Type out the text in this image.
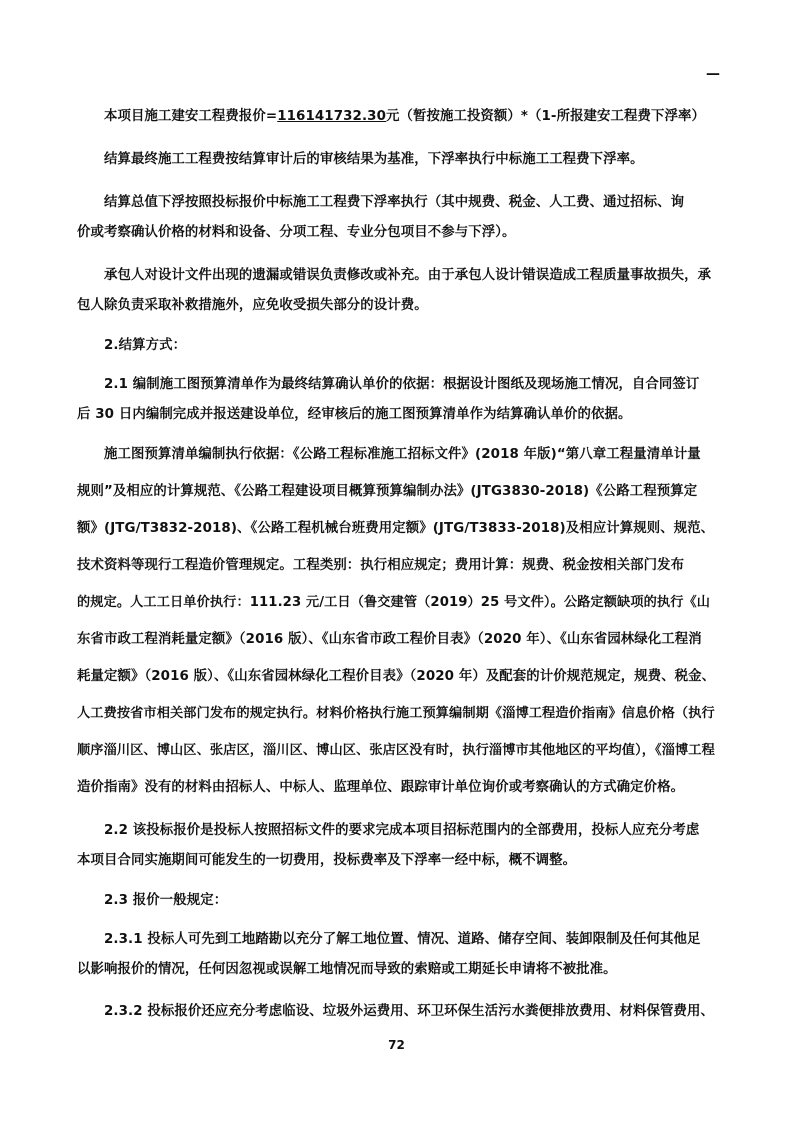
—
本项目施工建安工程费报价=116141732.30元（暂按施工投资额）*（1-所报建安工程费下浮率）
结算最终施工工程费按结算审计后的审核结果为基准，下浮率执行中标施工工程费下浮率。
结算总值下浮按照投标报价中标施工工程费下浮率执行（其中规费、税金、人工费、通过招标、询
价或考察确认价格的材料和设备、分项工程、专业分包项目不参与下浮）。
承包人对设计文件出现的遗漏或错误负责修改或补充。由于承包人设计错误造成工程质量事故损失，承
包人除负责采取补救措施外，应免收受损失部分的设计费。
2.结算方式：
2.1 编制施工图预算清单作为最终结算确认单价的依据：根据设计图纸及现场施工情况，自合同签订
后 30 日内编制完成并报送建设单位，经审核后的施工图预算清单作为结算确认单价的依据。
施工图预算清单编制执行依据：《公路工程标准施工招标文件》(2018 年版)“第八章工程量清单计量
规则”及相应的计算规范、《公路工程建设项目概算预算编制办法》(JTG3830-2018)《公路工程预算定
额》(JTG/T3832-2018)、《公路工程机械台班费用定额》(JTG/T3833-2018)及相应计算规则、规范、
技术资料等现行工程造价管理规定。工程类别：执行相应规定；费用计算：规费、税金按相关部门发布
的规定。人工工日单价执行：111.23 元/工日（鲁交建管（2019）25 号文件）。公路定额缺项的执行《山
东省市政工程消耗量定额》（2016 版）、《山东省市政工程价目表》（2020 年）、《山东省园林绿化工程消
耗量定额》（2016 版）、《山东省园林绿化工程价目表》（2020 年）及配套的计价规范规定，规费、税金、
人工费按省市相关部门发布的规定执行。材料价格执行施工预算编制期《淄博工程造价指南》信息价格（执行
顺序淄川区、博山区、张店区，淄川区、博山区、张店区没有时，执行淄博市其他地区的平均值），《淄博工程
造价指南》没有的材料由招标人、中标人、监理单位、跟踪审计单位询价或考察确认的方式确定价格。
2.2 该投标报价是投标人按照招标文件的要求完成本项目招标范围内的全部费用，投标人应充分考虑
本项目合同实施期间可能发生的一切费用，投标费率及下浮率一经中标，概不调整。
2.3 报价一般规定：
2.3.1 投标人可先到工地踏勘以充分了解工地位置、情况、道路、储存空间、装卸限制及任何其他足
以影响报价的情况，任何因忽视或误解工地情况而导致的索赔或工期延长申请将不被批准。
2.3.2 投标报价还应充分考虑临设、垃圾外运费用、环卫环保生活污水粪便排放费用、材料保管费用、
72
